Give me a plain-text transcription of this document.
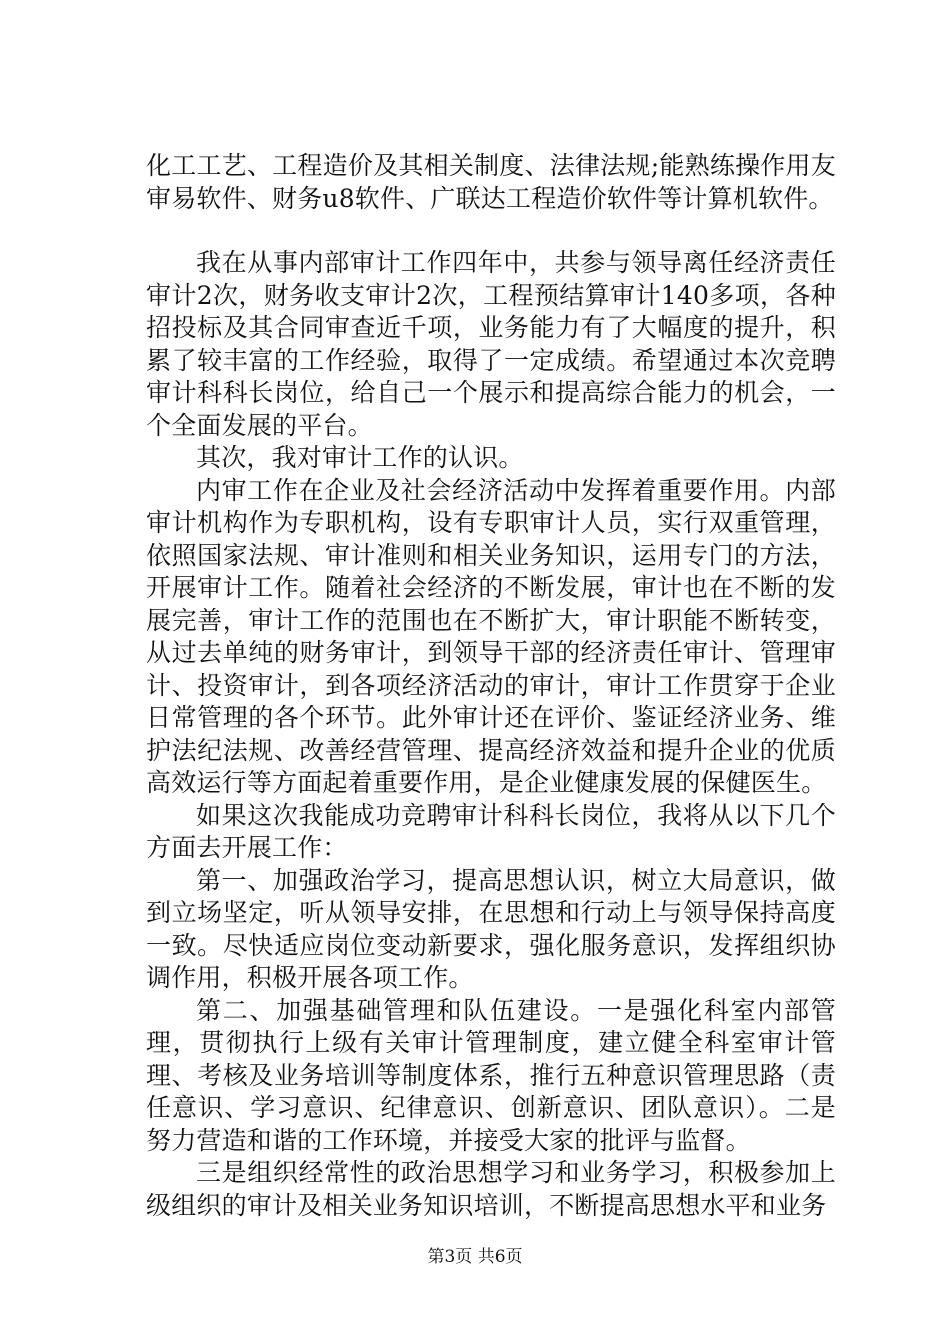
化工工艺、工程造价及其相关制度、法律法规;能熟练操作用友审易软件、财务u8软件、广联达工程造价软件等计算机软件。

我在从事内部审计工作四年中，共参与领导离任经济责任审计2次，财务收支审计2次，工程预结算审计140多项，各种招投标及其合同审查近千项，业务能力有了大幅度的提升，积累了较丰富的工作经验，取得了一定成绩。希望通过本次竞聘审计科科长岗位，给自己一个展示和提高综合能力的机会，一个全面发展的平台。

其次，我对审计工作的认识。

内审工作在企业及社会经济活动中发挥着重要作用。内部审计机构作为专职机构，设有专职审计人员，实行双重管理，依照国家法规、审计准则和相关业务知识，运用专门的方法，开展审计工作。随着社会经济的不断发展，审计也在不断的发展完善，审计工作的范围也在不断扩大，审计职能不断转变，从过去单纯的财务审计，到领导干部的经济责任审计、管理审计、投资审计，到各项经济活动的审计，审计工作贯穿于企业日常管理的各个环节。此外审计还在评价、鉴证经济业务、维护法纪法规、改善经营管理、提高经济效益和提升企业的优质高效运行等方面起着重要作用，是企业健康发展的保健医生。

如果这次我能成功竞聘审计科科长岗位，我将从以下几个方面去开展工作：

第一、加强政治学习，提高思想认识，树立大局意识，做到立场坚定，听从领导安排，在思想和行动上与领导保持高度一致。尽快适应岗位变动新要求，强化服务意识，发挥组织协调作用，积极开展各项工作。

第二、加强基础管理和队伍建设。一是强化科室内部管理，贯彻执行上级有关审计管理制度，建立健全科室审计管理、考核及业务培训等制度体系，推行五种意识管理思路（责任意识、学习意识、纪律意识、创新意识、团队意识）。二是努力营造和谐的工作环境，并接受大家的批评与监督。

三是组织经常性的政治思想学习和业务学习，积极参加上级组织的审计及相关业务知识培训，不断提高思想水平和业务

第3页 共6页
